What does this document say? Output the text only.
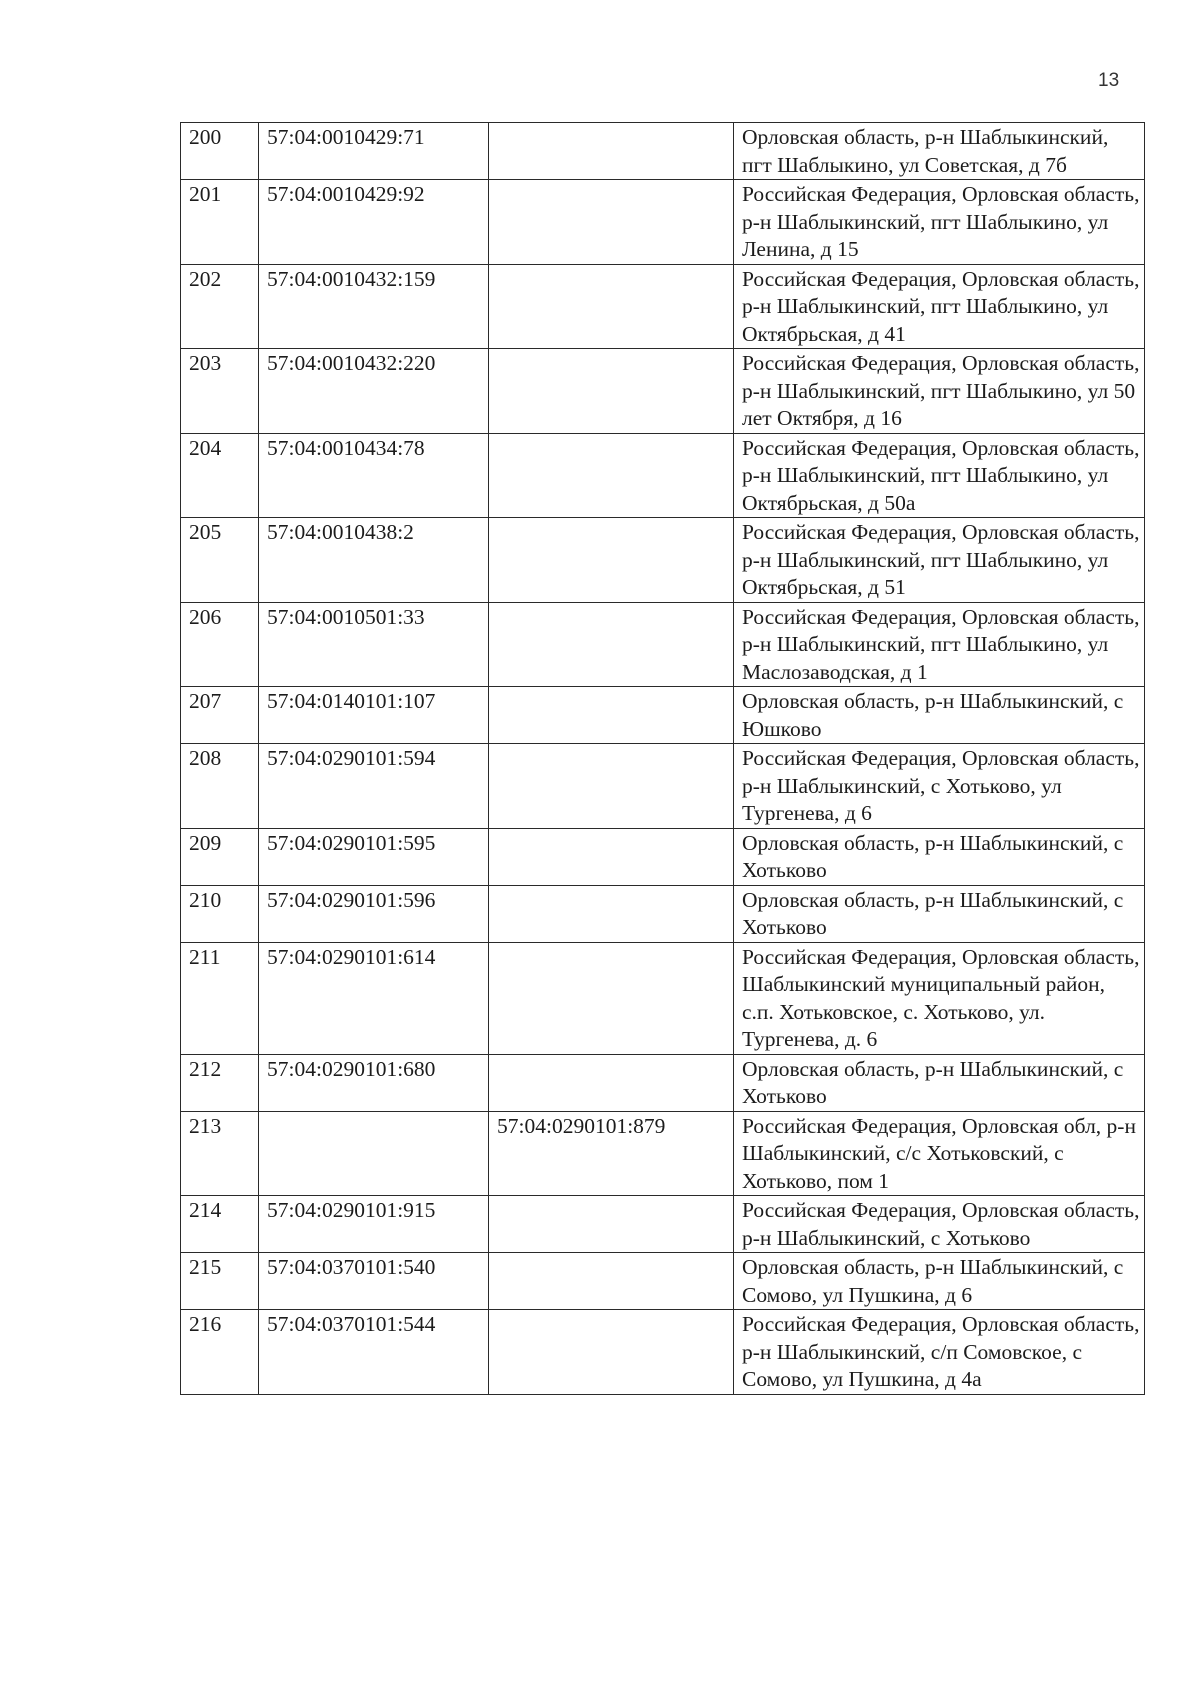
13
200	57:04:0010429:71		Орловская область, р-н Шаблыкинский, пгт Шаблыкино, ул Советская, д 7б
201	57:04:0010429:92		Российская Федерация, Орловская область, р-н Шаблыкинский, пгт Шаблыкино, ул Ленина, д 15
202	57:04:0010432:159		Российская Федерация, Орловская область, р-н Шаблыкинский, пгт Шаблыкино, ул Октябрьская, д 41
203	57:04:0010432:220		Российская Федерация, Орловская область, р-н Шаблыкинский, пгт Шаблыкино, ул 50 лет Октября, д 16
204	57:04:0010434:78		Российская Федерация, Орловская область, р-н Шаблыкинский, пгт Шаблыкино, ул Октябрьская, д 50а
205	57:04:0010438:2		Российская Федерация, Орловская область, р-н Шаблыкинский, пгт Шаблыкино, ул Октябрьская, д 51
206	57:04:0010501:33		Российская Федерация, Орловская область, р-н Шаблыкинский, пгт Шаблыкино, ул Маслозаводская, д 1
207	57:04:0140101:107		Орловская область, р-н Шаблыкинский, с Юшково
208	57:04:0290101:594		Российская Федерация, Орловская область, р-н Шаблыкинский, с Хотьково, ул Тургенева, д 6
209	57:04:0290101:595		Орловская область, р-н Шаблыкинский, с Хотьково
210	57:04:0290101:596		Орловская область, р-н Шаблыкинский, с Хотьково
211	57:04:0290101:614		Российская Федерация, Орловская область, Шаблыкинский муниципальный район, с.п. Хотьковское, с. Хотьково, ул. Тургенева, д. 6
212	57:04:0290101:680		Орловская область, р-н Шаблыкинский, с Хотьково
213		57:04:0290101:879	Российская Федерация, Орловская обл, р-н Шаблыкинский, с/с Хотьковский, с Хотьково, пом 1
214	57:04:0290101:915		Российская Федерация, Орловская область, р-н Шаблыкинский, с Хотьково
215	57:04:0370101:540		Орловская область, р-н Шаблыкинский, с Сомово, ул Пушкина, д 6
216	57:04:0370101:544		Российская Федерация, Орловская область, р-н Шаблыкинский, с/п Сомовское, с Сомово, ул Пушкина, д 4а
